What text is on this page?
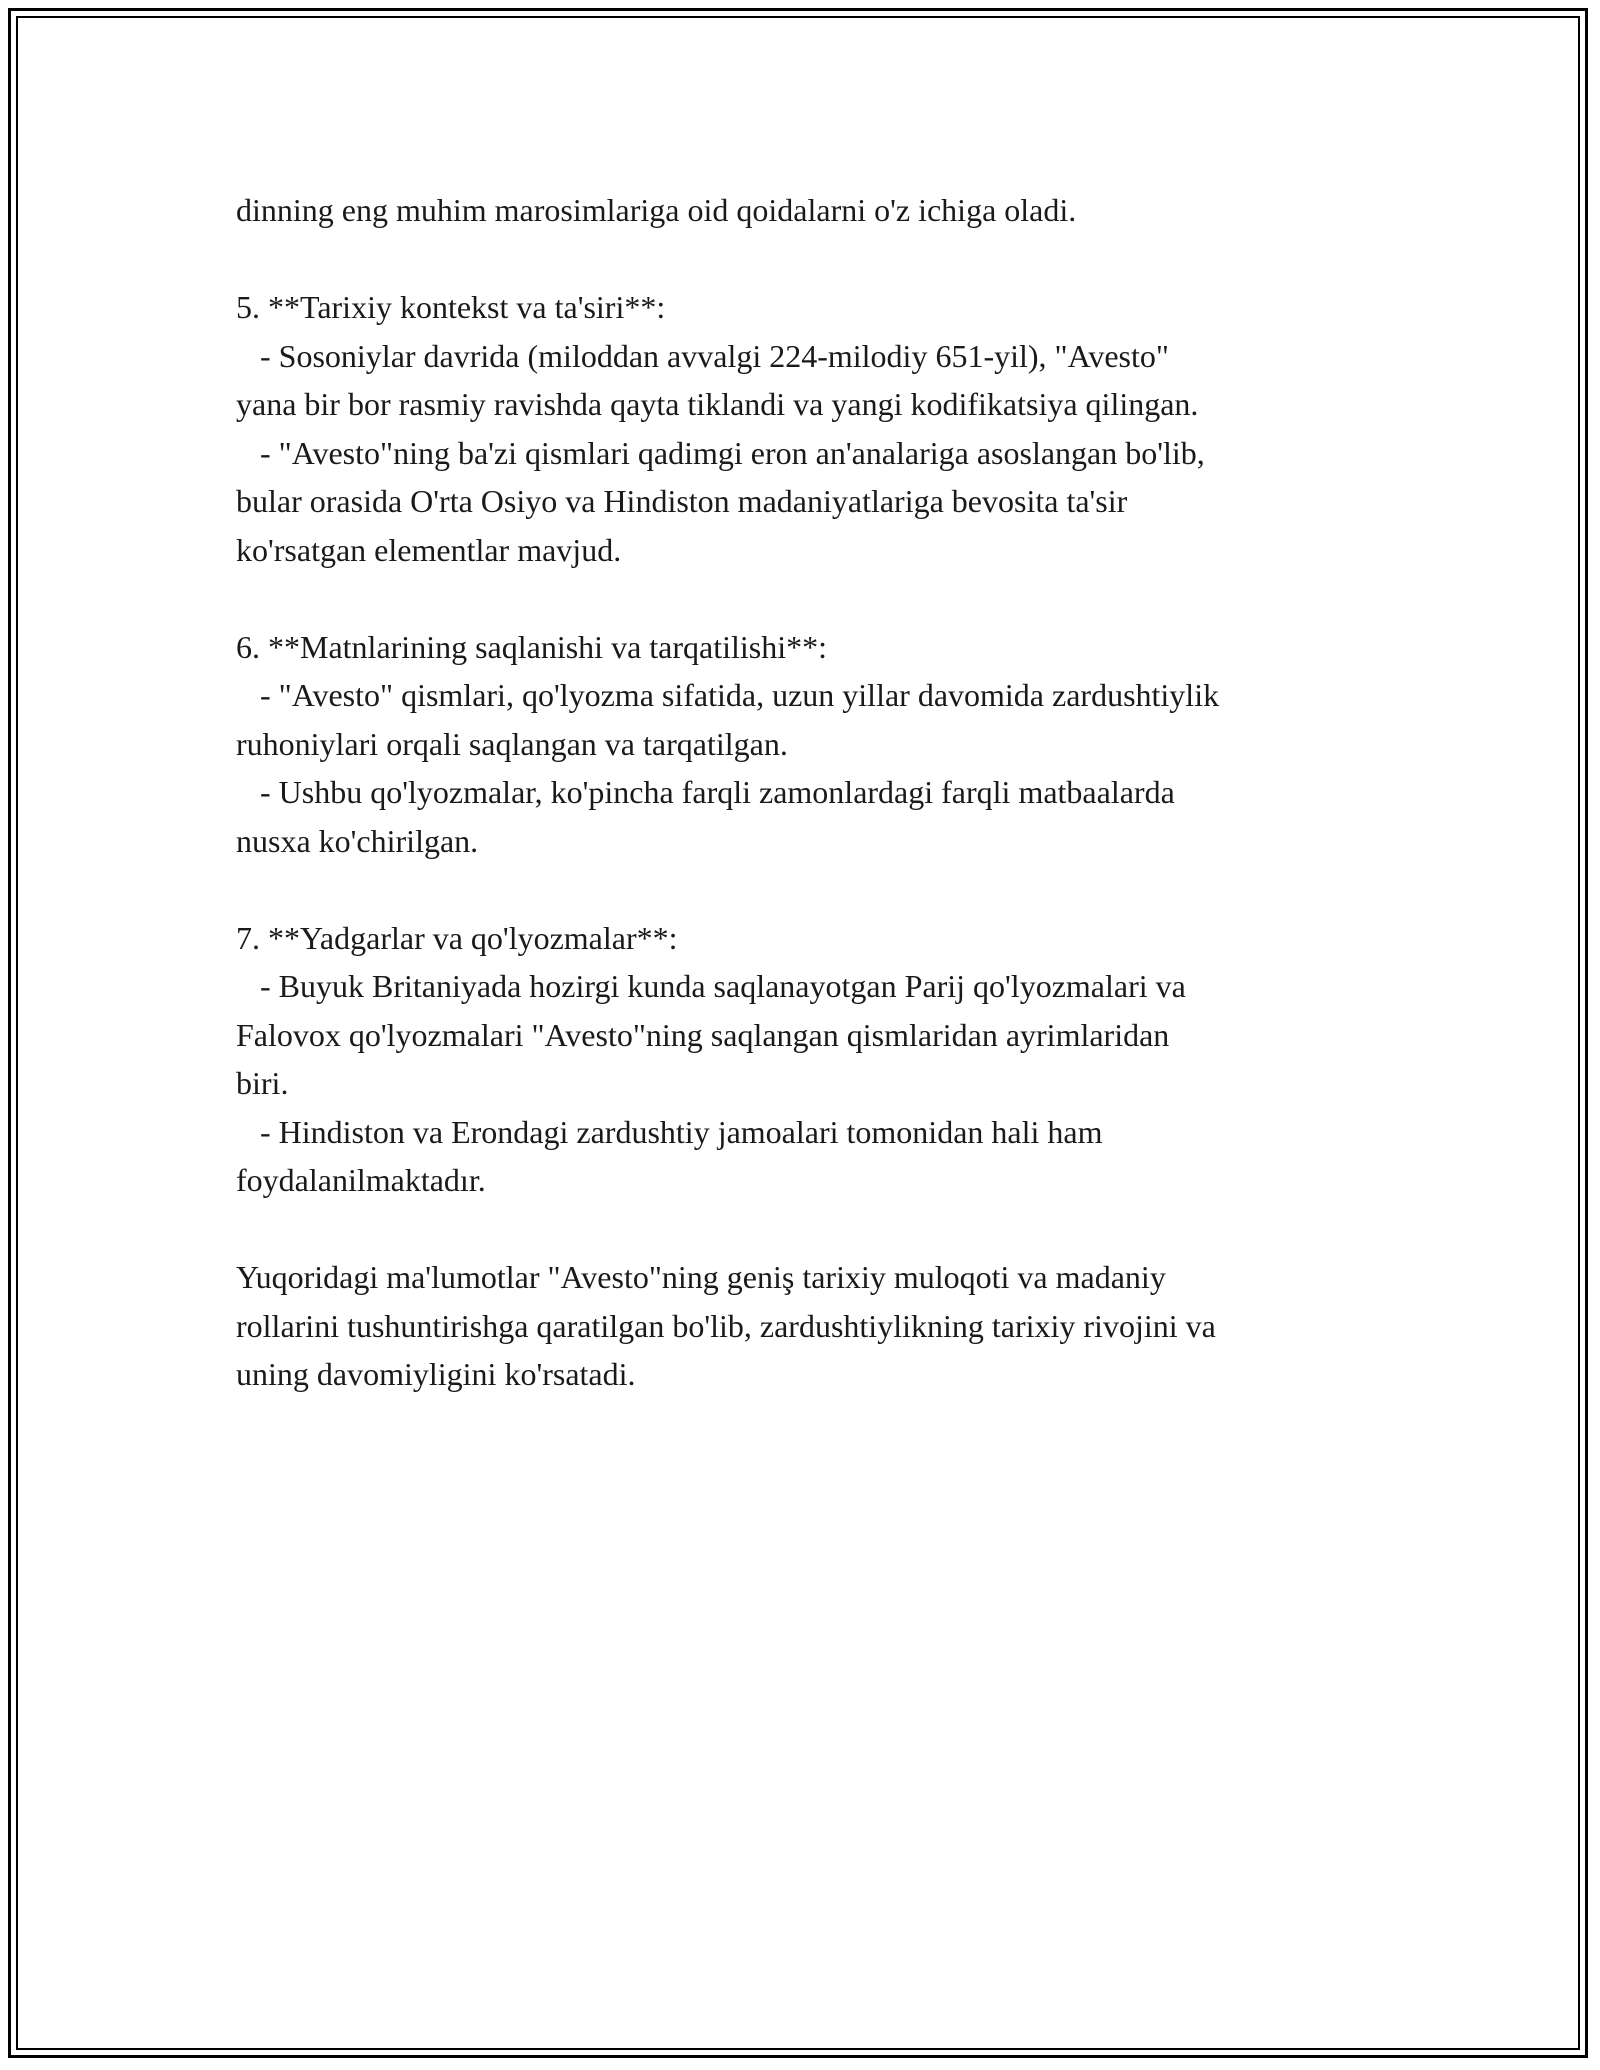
dinning eng muhim marosimlariga oid qoidalarni o'z ichiga oladi.
5. **Tarixiy kontekst va ta'siri**:
- Sosoniylar davrida (miloddan avvalgi 224-milodiy 651-yil), "Avesto"
yana bir bor rasmiy ravishda qayta tiklandi va yangi kodifikatsiya qilingan.
- "Avesto"ning ba'zi qismlari qadimgi eron an'analariga asoslangan bo'lib,
bular orasida O'rta Osiyo va Hindiston madaniyatlariga bevosita ta'sir
ko'rsatgan elementlar mavjud.
6. **Matnlarining saqlanishi va tarqatilishi**:
- "Avesto" qismlari, qo'lyozma sifatida, uzun yillar davomida zardushtiylik
ruhoniylari orqali saqlangan va tarqatilgan.
- Ushbu qo'lyozmalar, ko'pincha farqli zamonlardagi farqli matbaalarda
nusxa ko'chirilgan.
7. **Yadgarlar va qo'lyozmalar**:
- Buyuk Britaniyada hozirgi kunda saqlanayotgan Parij qo'lyozmalari va
Falovox qo'lyozmalari "Avesto"ning saqlangan qismlaridan ayrimlaridan
biri.
- Hindiston va Erondagi zardushtiy jamoalari tomonidan hali ham
foydalanilmaktadır.
Yuqoridagi ma'lumotlar "Avesto"ning geniş tarixiy muloqoti va madaniy
rollarini tushuntirishga qaratilgan bo'lib, zardushtiylikning tarixiy rivojini va
uning davomiyligini ko'rsatadi.
